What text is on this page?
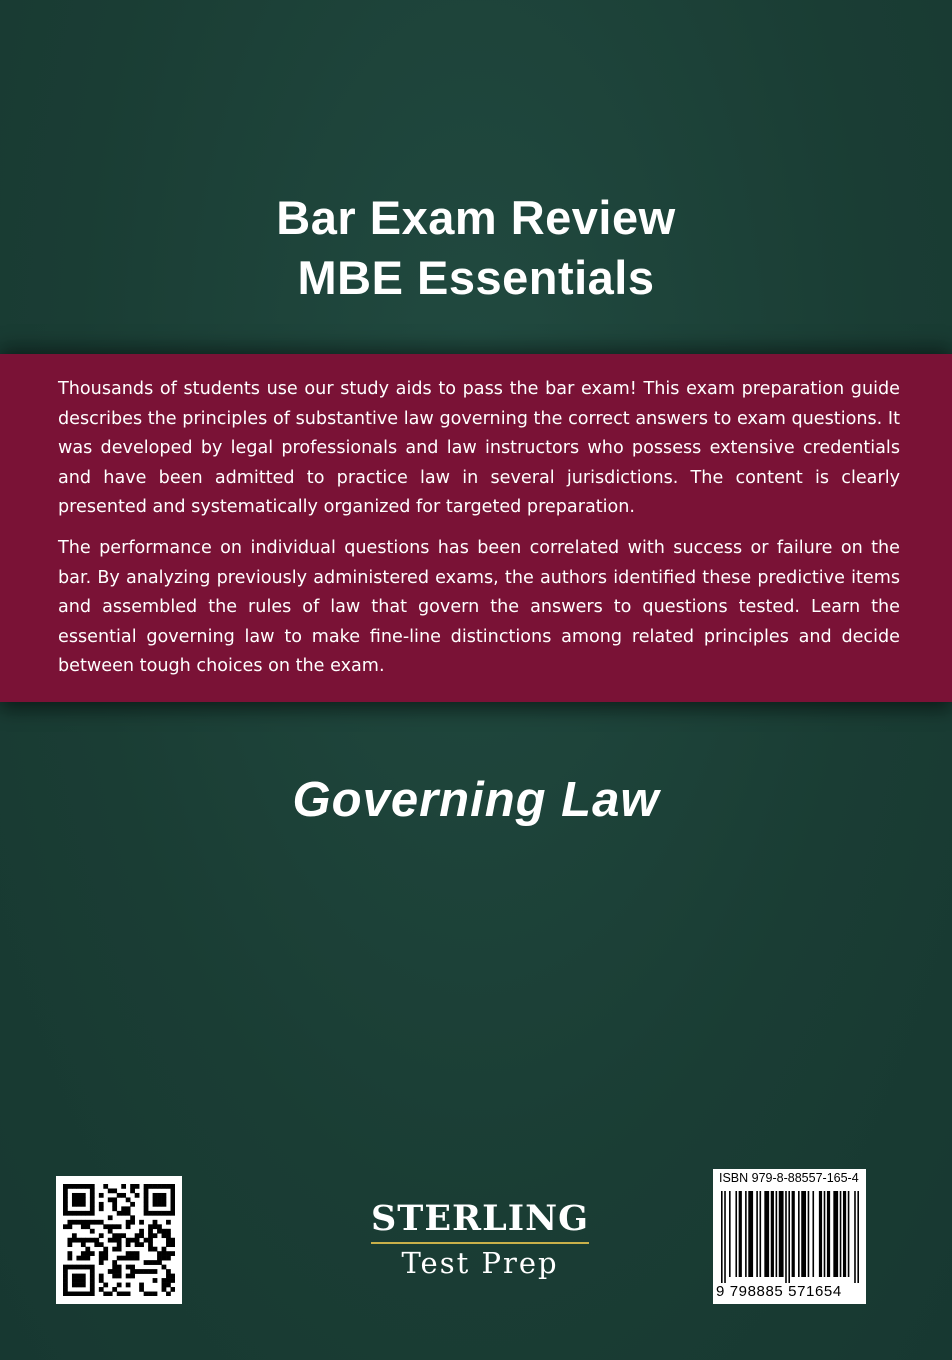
Bar Exam Review
MBE Essentials

Thousands of students use our study aids to pass the bar exam! This exam preparation guide describes the principles of substantive law governing the correct answers to exam questions. It was developed by legal professionals and law instructors who possess extensive credentials and have been admitted to practice law in several jurisdictions. The content is clearly presented and systematically organized for targeted preparation.

The performance on individual questions has been correlated with success or failure on the bar. By analyzing previously administered exams, the authors identified these predictive items and assembled the rules of law that govern the answers to questions tested. Learn the essential governing law to make fine-line distinctions among related principles and decide between tough choices on the exam.

Governing Law
STERLING
Test Prep
ISBN 979-8-88557-165-4
9 798885 571654
